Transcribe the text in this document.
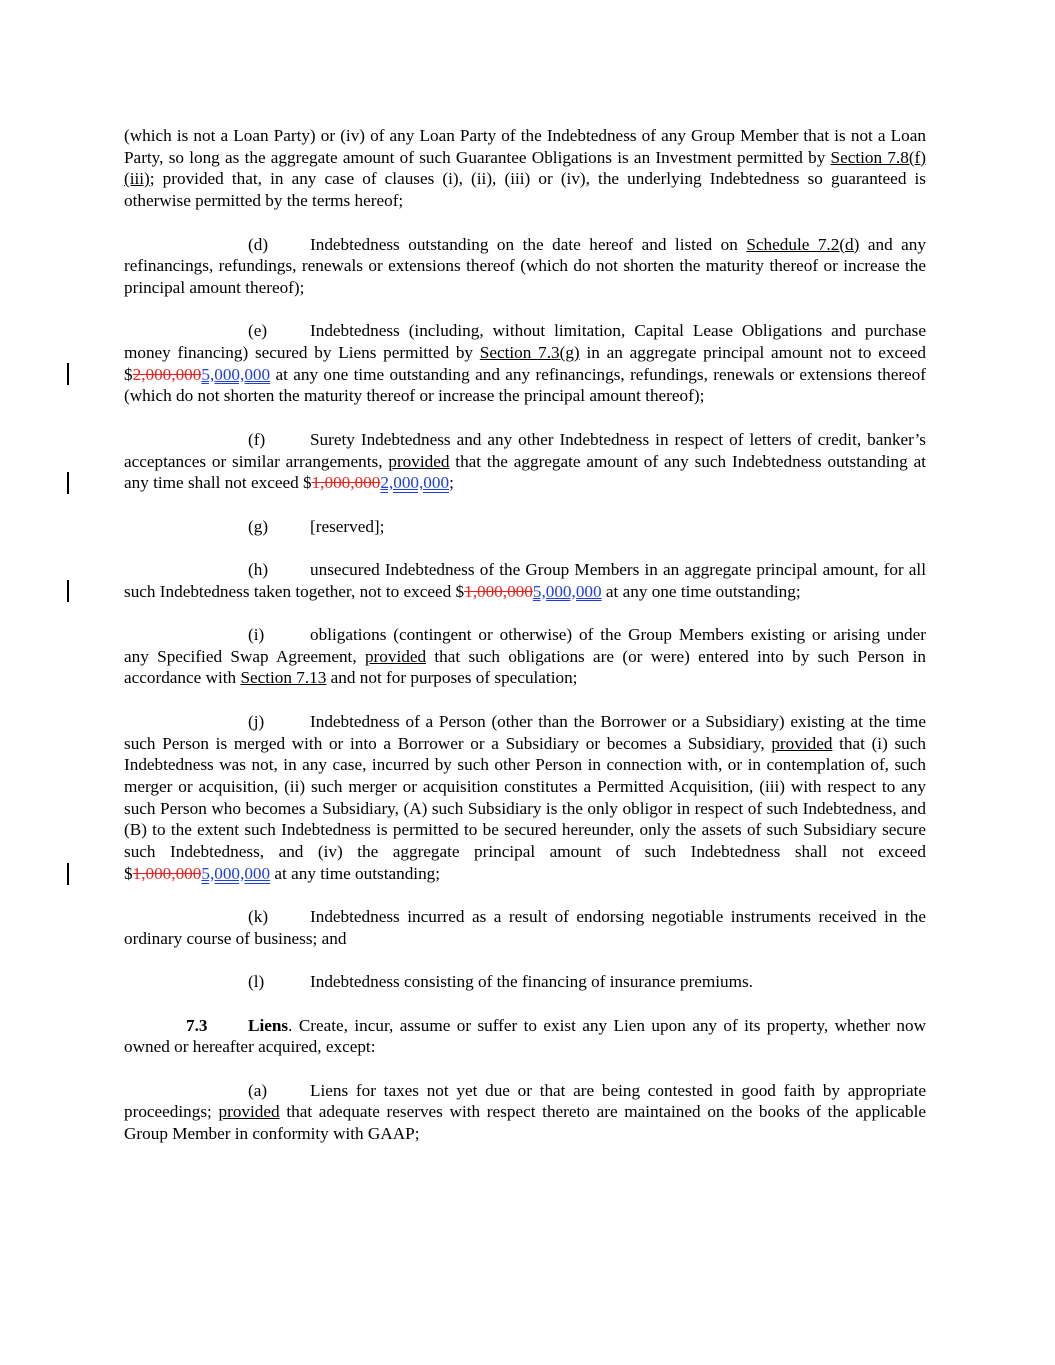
(which is not a Loan Party) or (iv) of any Loan Party of the Indebtedness of any Group Member that is not a Loan Party, so long as the aggregate amount of such Guarantee Obligations is an Investment permitted by Section 7.8(f)(iii); provided that, in any case of clauses (i), (ii), (iii) or (iv), the underlying Indebtedness so guaranteed is otherwise permitted by the terms hereof;

(d) Indebtedness outstanding on the date hereof and listed on Schedule 7.2(d) and any refinancings, refundings, renewals or extensions thereof (which do not shorten the maturity thereof or increase the principal amount thereof);

(e) Indebtedness (including, without limitation, Capital Lease Obligations and purchase money financing) secured by Liens permitted by Section 7.3(g) in an aggregate principal amount not to exceed $2,000,0005,000,000 at any one time outstanding and any refinancings, refundings, renewals or extensions thereof (which do not shorten the maturity thereof or increase the principal amount thereof);

(f)	Surety Indebtedness and any other Indebtedness in respect of letters of credit, banker’s acceptances or similar arrangements, provided that the aggregate amount of any such Indebtedness outstanding at any time shall not exceed $1,000,0002,000,000;

(g) [reserved];

(h) unsecured Indebtedness of the Group Members in an aggregate principal amount, for all such Indebtedness taken together, not to exceed $1,000,0005,000,000 at any one time outstanding;

(i)	obligations (contingent or otherwise) of the Group Members existing or arising under any Specified Swap Agreement, provided that such obligations are (or were) entered into by such Person in accordance with Section 7.13 and not for purposes of speculation;

(j)	Indebtedness of a Person (other than the Borrower or a Subsidiary) existing at the time such Person is merged with or into a Borrower or a Subsidiary or becomes a Subsidiary, provided that (i) such Indebtedness was not, in any case, incurred by such other Person in connection with, or in contemplation of, such merger or acquisition, (ii) such merger or acquisition constitutes a Permitted Acquisition, (iii) with respect to any such Person who becomes a Subsidiary, (A) such Subsidiary is the only obligor in respect of such Indebtedness, and (B) to the extent such Indebtedness is permitted to be secured hereunder, only the assets of such Subsidiary secure such Indebtedness, and (iv) the aggregate principal amount of such Indebtedness shall not exceed $1,000,0005,000,000 at any time outstanding;

(k) Indebtedness incurred as a result of endorsing negotiable instruments received in the ordinary course of business; and

(l)	Indebtedness consisting of the financing of insurance premiums.

7.3 Liens. Create, incur, assume or suffer to exist any Lien upon any of its property, whether now owned or hereafter acquired, except:

(a) Liens for taxes not yet due or that are being contested in good faith by appropriate proceedings; provided that adequate reserves with respect thereto are maintained on the books of the applicable Group Member in conformity with GAAP;
